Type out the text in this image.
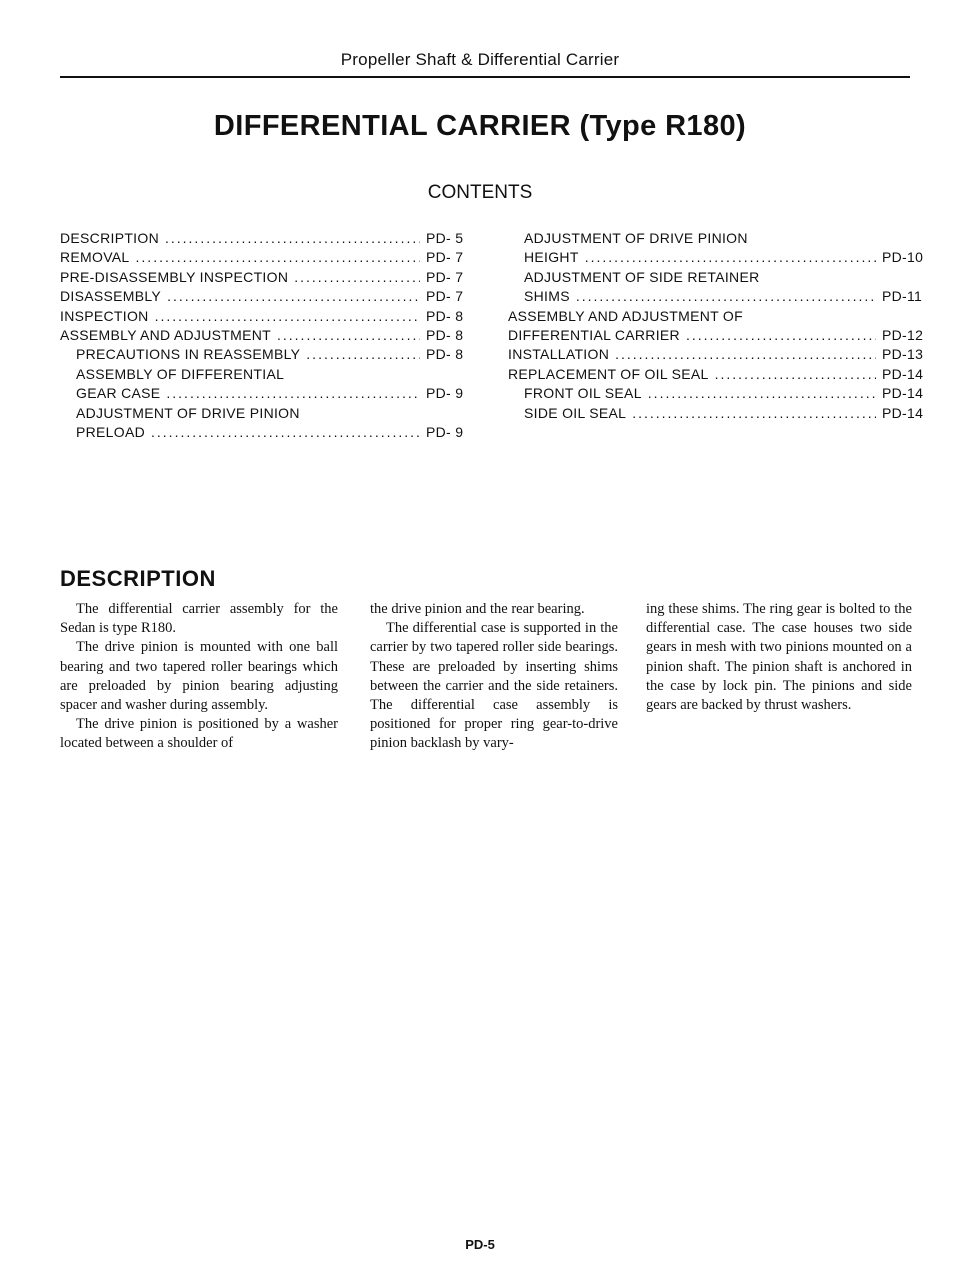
Propeller Shaft & Differential Carrier
DIFFERENTIAL CARRIER (Type R180)
CONTENTS
DESCRIPTION .....	PD- 5
REMOVAL .....	PD- 7
PRE-DISASSEMBLY INSPECTION .....	PD- 7
DISASSEMBLY .....	PD- 7
INSPECTION .....	PD- 8
ASSEMBLY AND ADJUSTMENT .....	PD- 8
PRECAUTIONS IN REASSEMBLY .....	PD- 8
ASSEMBLY OF DIFFERENTIAL
GEAR CASE .....	PD- 9
ADJUSTMENT OF DRIVE PINION
PRELOAD .....	PD- 9
ADJUSTMENT OF DRIVE PINION
HEIGHT .....	PD-10
ADJUSTMENT OF SIDE RETAINER
SHIMS .....	PD-11
ASSEMBLY AND ADJUSTMENT OF
DIFFERENTIAL CARRIER .....	PD-12
INSTALLATION .....	PD-13
REPLACEMENT OF OIL SEAL .....	PD-14
FRONT OIL SEAL .....	PD-14
SIDE OIL SEAL .....	PD-14
DESCRIPTION

The differential carrier assembly for the Sedan is type R180.

The drive pinion is mounted with one ball bearing and two tapered roller bearings which are preloaded by pinion bearing adjusting spacer and washer during assembly.

The drive pinion is positioned by a washer located between a shoulder of

the drive pinion and the rear bearing.

The differential case is supported in the carrier by two tapered roller side bearings. These are preloaded by inserting shims between the carrier and the side retainers. The differential case assembly is positioned for proper ring gear-to-drive pinion backlash by vary-

ing these shims. The ring gear is bolted to the differential case. The case houses two side gears in mesh with two pinions mounted on a pinion shaft. The pinion shaft is anchored in the case by lock pin. The pinions and side gears are backed by thrust washers.

PD-5
